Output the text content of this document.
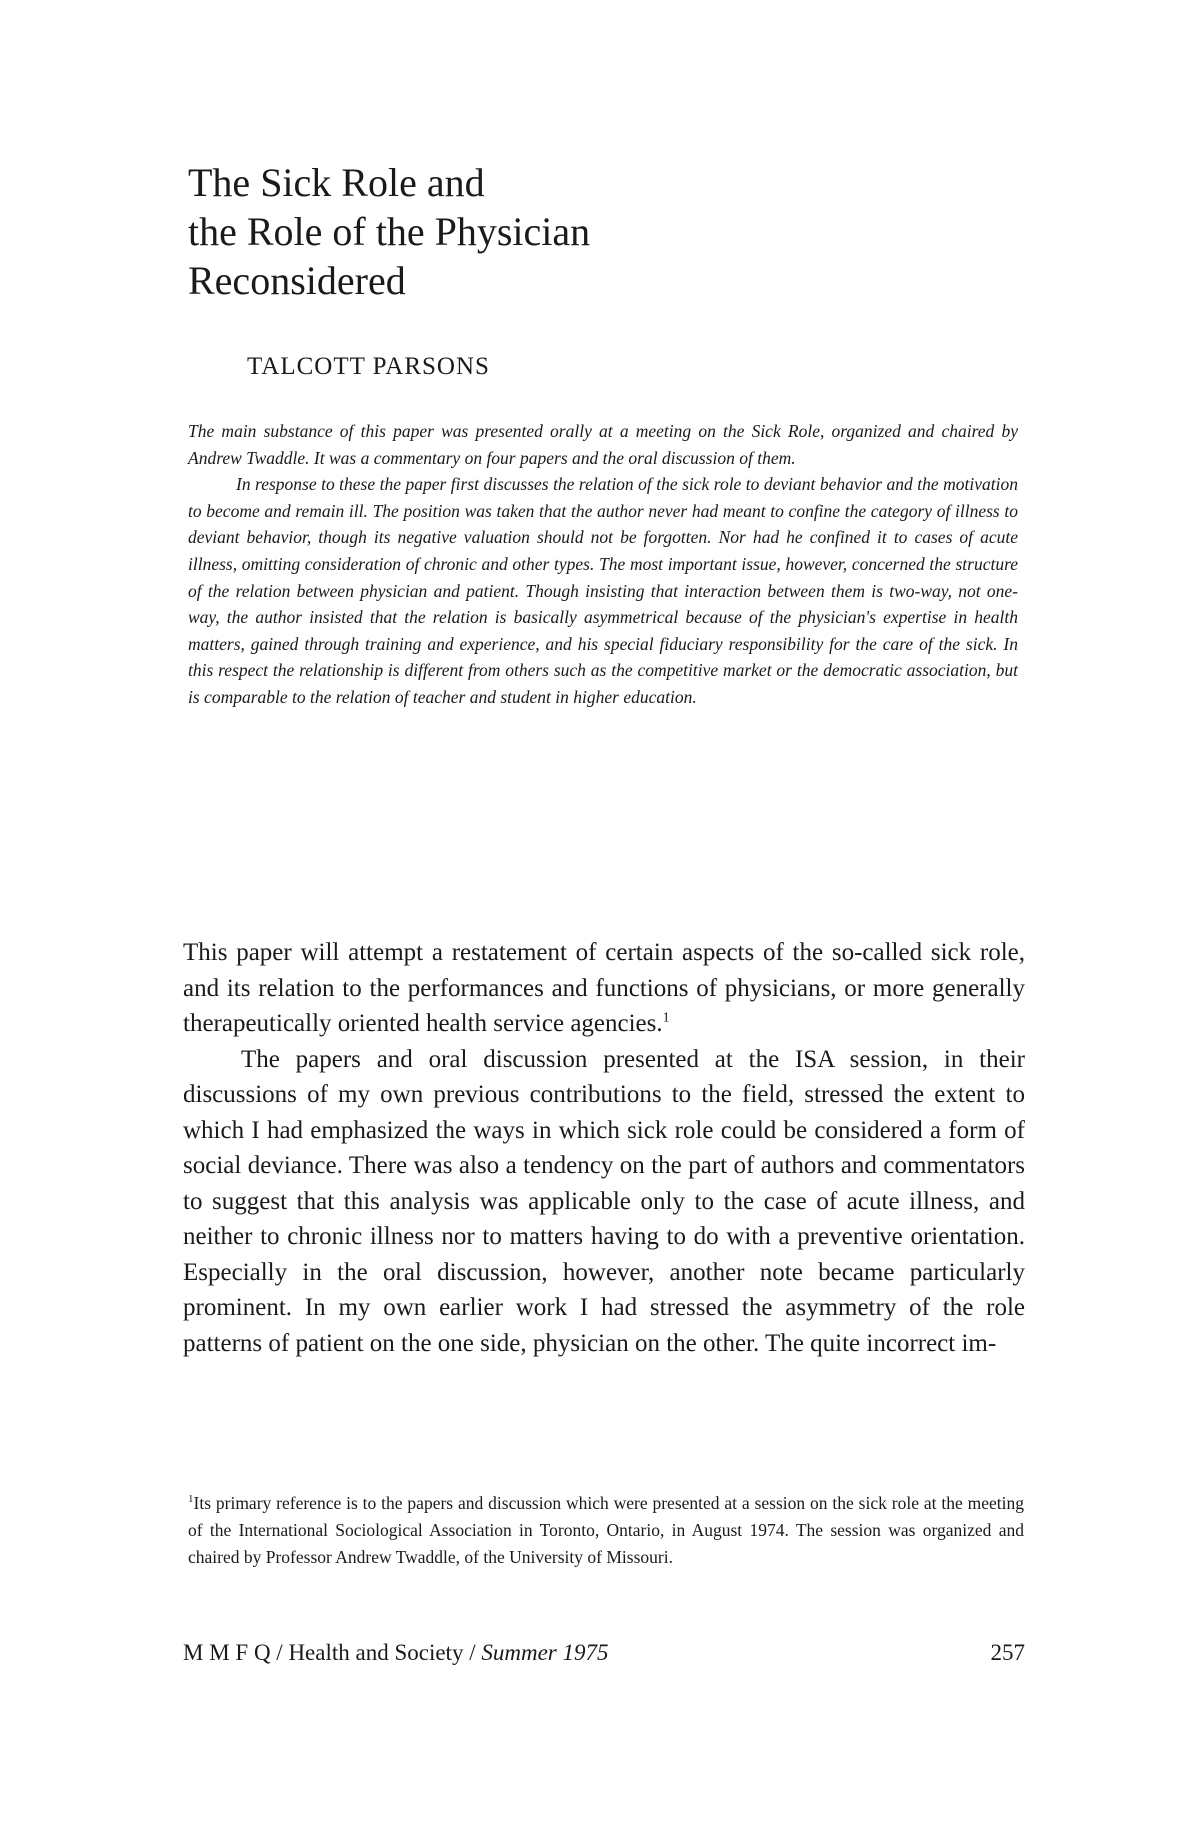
The Sick Role and
the Role of the Physician
Reconsidered
TALCOTT PARSONS

The main substance of this paper was presented orally at a meeting on the Sick Role, organized and chaired by Andrew Twaddle. It was a commentary on four papers and the oral discussion of them.

In response to these the paper first discusses the relation of the sick role to deviant behavior and the motivation to become and remain ill. The position was taken that the author never had meant to confine the category of illness to deviant behavior, though its negative valuation should not be forgotten. Nor had he confined it to cases of acute illness, omitting consideration of chronic and other types. The most important issue, however, concerned the structure of the relation between physician and patient. Though insisting that interaction between them is two-way, not one-way, the author insisted that the relation is basically asymmetrical because of the physician's expertise in health matters, gained through training and experience, and his special fiduciary responsibility for the care of the sick. In this respect the relationship is different from others such as the competitive market or the democratic association, but is comparable to the relation of teacher and student in higher education.

This paper will attempt a restatement of certain aspects of the so-called sick role, and its relation to the performances and functions of physicians, or more generally therapeutically oriented health service agencies.$^1$

The papers and oral discussion presented at the ISA session, in their discussions of my own previous contributions to the field, stressed the extent to which I had emphasized the ways in which sick role could be considered a form of social deviance. There was also a tendency on the part of authors and commentators to suggest that this analysis was applicable only to the case of acute illness, and neither to chronic illness nor to matters having to do with a preventive orientation. Especially in the oral discussion, however, another note became particularly prominent. In my own earlier work I had stressed the asymmetry of the role patterns of patient on the one side, physician on the other. The quite incorrect im-

$^1$Its primary reference is to the papers and discussion which were presented at a session on the sick role at the meeting of the International Sociological Association in Toronto, Ontario, in August 1974. The session was organized and chaired by Professor Andrew Twaddle, of the University of Missouri.

M M F Q / Health and Society / Summer 1975	257
